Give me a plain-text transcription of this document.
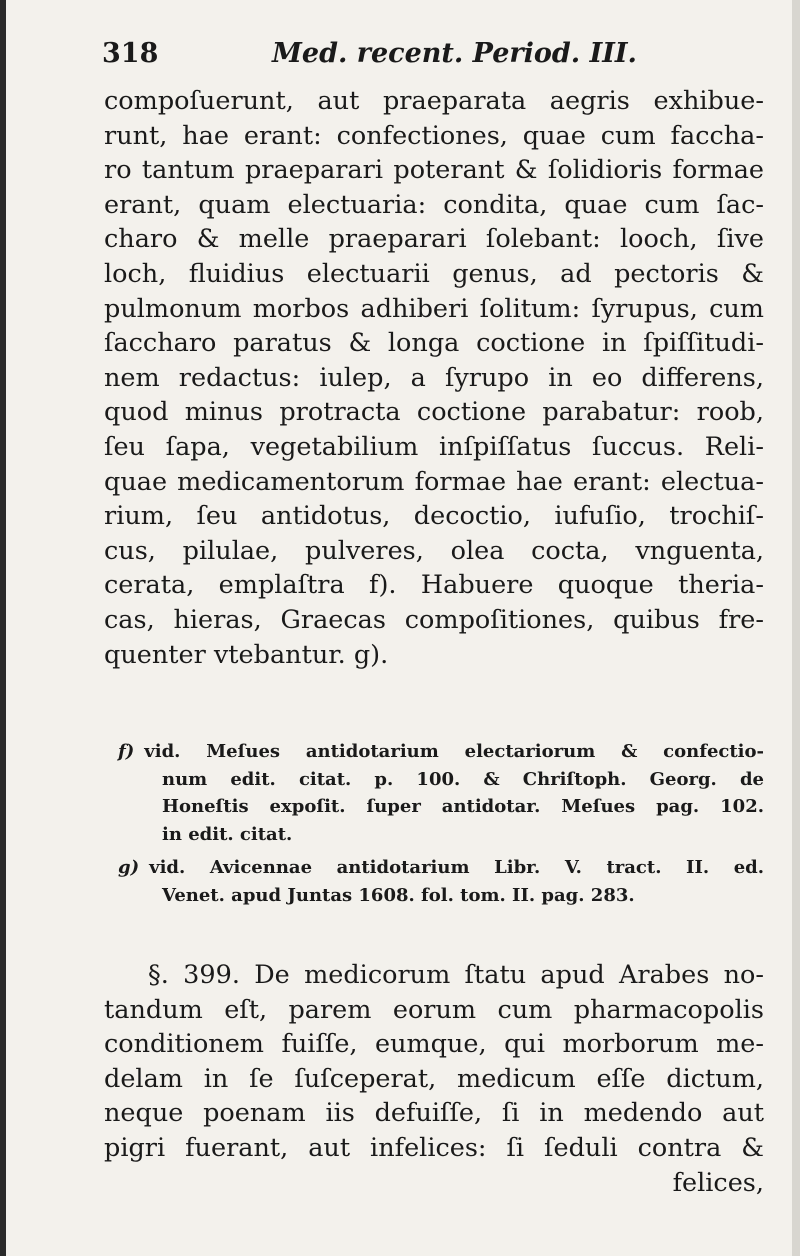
318	Med. recent. Period. III.
compoſuerunt, aut praeparata aegris exhibue-
runt, hae erant: confectiones, quae cum faccha-
ro tantum praeparari poterant & ſolidioris formae
erant, quam electuaria: condita, quae cum ſac-
charo & melle praeparari ſolebant: looch, ſive
loch, fluidius electuarii genus, ad pectoris &
pulmonum morbos adhiberi ſolitum: ſyrupus, cum
ſaccharo paratus & longa coctione in ſpiſſitudi-
nem redactus: iulep, a ſyrupo in eo differens,
quod minus protracta coctione parabatur: roob,
ſeu ſapa, vegetabilium inſpiſſatus ſuccus. Reli-
quae medicamentorum formae hae erant: electua-
rium, ſeu antidotus, decoctio, iufuſio, trochiſ-
cus, pilulae, pulveres, olea cocta, vnguenta,
cerata, emplaſtra f). Habuere quoque theria-
cas, hieras, Graecas compoſitiones, quibus fre-
quenter vtebantur. g).
f) vid. Meſues antidotarium electariorum & confectio-
num edit. citat. p. 100. & Chriſtoph. Georg. de
Honeſtis expoſit. ſuper antidotar. Meſues pag. 102.
in edit. citat.
g) vid. Avicennae antidotarium Libr. V. tract. II. ed.
Venet. apud Juntas 1608. fol. tom. II. pag. 283.
§. 399. De medicorum ſtatu apud Arabes no-
tandum eſt, parem eorum cum pharmacopolis
conditionem fuiſſe, eumque, qui morborum me-
delam in ſe ſuſceperat, medicum eſſe dictum,
neque poenam iis defuiſſe, ſi in medendo aut
pigri fuerant, aut infelices: ſi ſeduli contra &
felices,
